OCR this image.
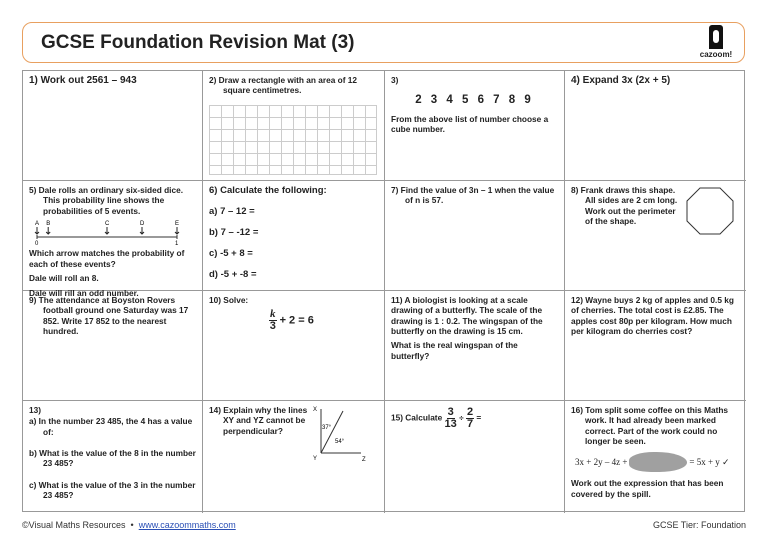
GCSE Foundation Revision Mat (3)
cazoom!

1) Work out 2561 – 943	2) Draw a rectangle with an area of 12 square centimetres.

3)

2 3 4 5 6 7 8 9

From the above list of number choose a cube number.

4) Expand 3x (2x + 5)

5) Dale rolls an ordinary six-sided dice. This probability line shows the probabilities of 5 events.

A B	C	D	E
0	1

Which arrow matches the probability of each of these events?

Dale will roll an 8.

Dale will rill an odd number.

6) Calculate the following:

a) 7 – 12 =

b) 7 – -12 =

c) -5 + 8 =

d) -5 + -8 =

7) Find the value of 3n – 1 when the value of n is 57.

8) Frank draws this shape. All sides are 2 cm long. Work out the perimeter of the shape.

9) The attendance at Boyston Rovers football ground one Saturday was 17 852. Write 17 852 to the nearest hundred.

10) Solve:

$\frac{k}{3} + 2 = 6$

11) A biologist is looking at a scale drawing of a butterfly. The scale of the drawing is 1 : 0.2. The wingspan of the butterfly on the drawing is 15 cm.

What is the real wingspan of the butterfly?

12) Wayne buys 2 kg of apples and 0.5 kg of cherries. The total cost is £2.85. The apples cost 80p per kilogram. How much per kilogram do cherries cost?

13)

a) In the number 23 485, the 4 has a value of:

b) What is the value of the 8 in the number 23 485?

c) What is the value of the 3 in the number 23 485?

14) Explain why the lines XY and YZ cannot be perpendicular?

X
Y	Z
37°
54°
15) Calculate $\frac{3}{13} \div \frac{2}{7}$ =

16) Tom split some coffee on this Maths work. It had already been marked correct. Part of the work could no longer be seen.

3x + 2y – 4z +	= 5x + y ✓

Work out the expression that has been covered by the spill.

©Visual Maths Resources • www.cazoommaths.com	GCSE Tier: Foundation
